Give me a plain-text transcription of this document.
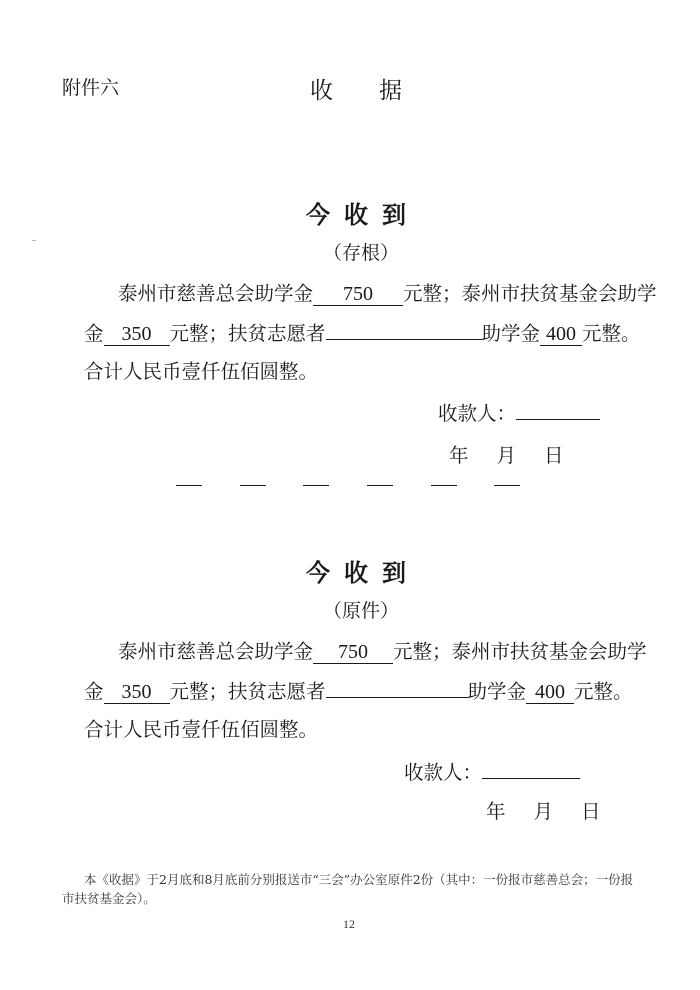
附件六	收　　据
今收到
（存根）
泰州市慈善总会助学金 750 元整；泰州市扶贫基金会助学
金 350 元整；扶贫志愿者	助学金 400 元整。
合计人民币壹仟伍佰圆整。
收款人：
年 月 日
今收到
（原件）
泰州市慈善总会助学金 750 元整；泰州市扶贫基金会助学
金 350 元整；扶贫志愿者	助学金 400 元整。
合计人民币壹仟伍佰圆整。
收款人：
年 月 日
本《收据》于2月底和8月底前分别报送市“三会”办公室原件2份（其中：一份报市慈善总会；一份报市扶贫基金会）。
12
